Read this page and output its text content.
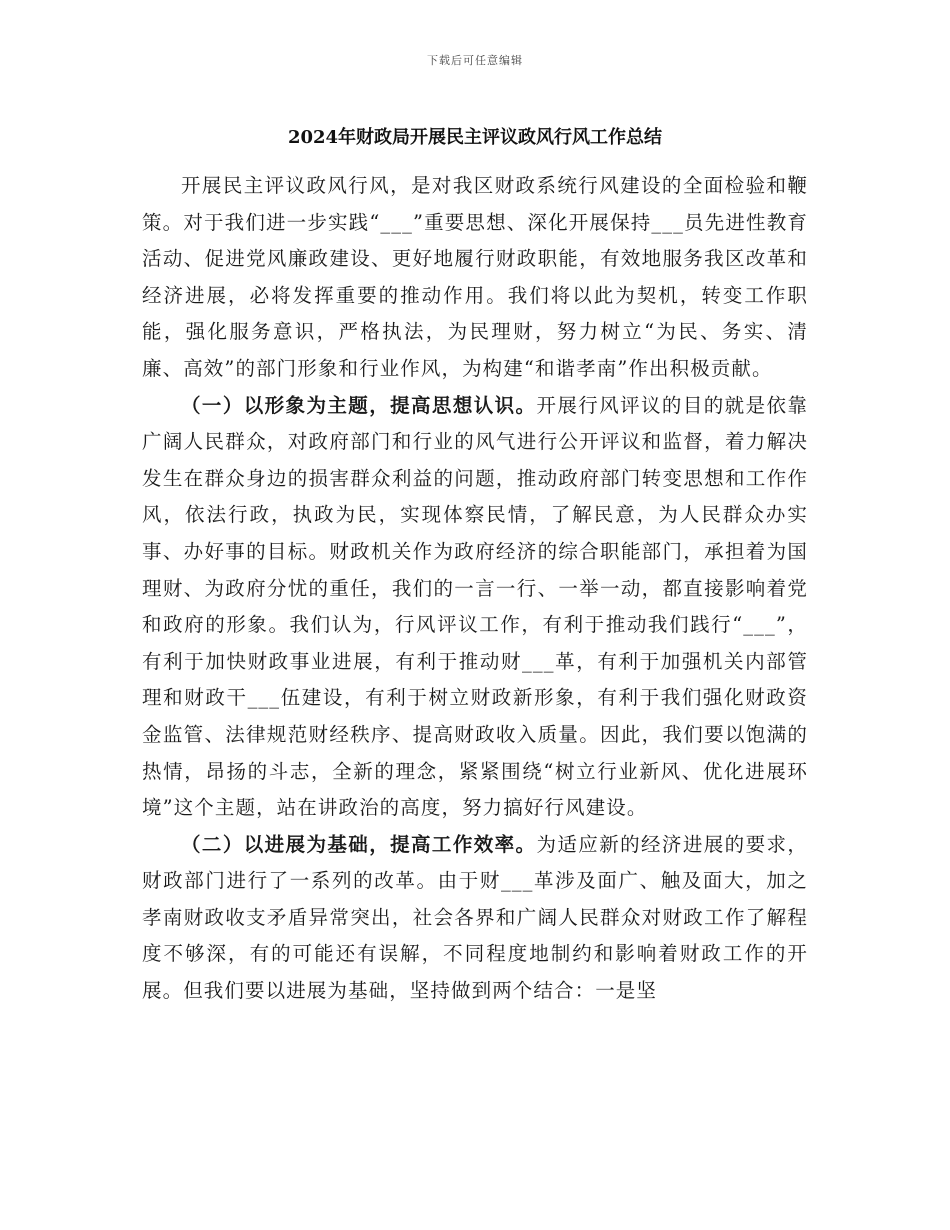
下载后可任意编辑
2024年财政局开展民主评议政风行风工作总结

开展民主评议政风行风，是对我区财政系统行风建设的全面检验和鞭策。对于我们进一步实践“___”重要思想、深化开展保持___员先进性教育活动、促进党风廉政建设、更好地履行财政职能，有效地服务我区改革和经济进展，必将发挥重要的推动作用。我们将以此为契机，转变工作职能，强化服务意识，严格执法，为民理财，努力树立“为民、务实、清廉、高效”的部门形象和行业作风，为构建“和谐孝南”作出积极贡献。

（一）以形象为主题，提高思想认识。开展行风评议的目的就是依靠广阔人民群众，对政府部门和行业的风气进行公开评议和监督，着力解决发生在群众身边的损害群众利益的问题，推动政府部门转变思想和工作作风，依法行政，执政为民，实现体察民情，了解民意，为人民群众办实事、办好事的目标。财政机关作为政府经济的综合职能部门，承担着为国理财、为政府分忧的重任，我们的一言一行、一举一动，都直接影响着党和政府的形象。我们认为，行风评议工作，有利于推动我们践行“___”，有利于加快财政事业进展，有利于推动财___革，有利于加强机关内部管理和财政干___伍建设，有利于树立财政新形象，有利于我们强化财政资金监管、法律规范财经秩序、提高财政收入质量。因此，我们要以饱满的热情，昂扬的斗志，全新的理念，紧紧围绕“树立行业新风、优化进展环境”这个主题，站在讲政治的高度，努力搞好行风建设。

（二）以进展为基础，提高工作效率。为适应新的经济进展的要求，财政部门进行了一系列的改革。由于财___革涉及面广、触及面大，加之孝南财政收支矛盾异常突出，社会各界和广阔人民群众对财政工作了解程度不够深，有的可能还有误解，不同程度地制约和影响着财政工作的开展。但我们要以进展为基础，坚持做到两个结合：一是坚
